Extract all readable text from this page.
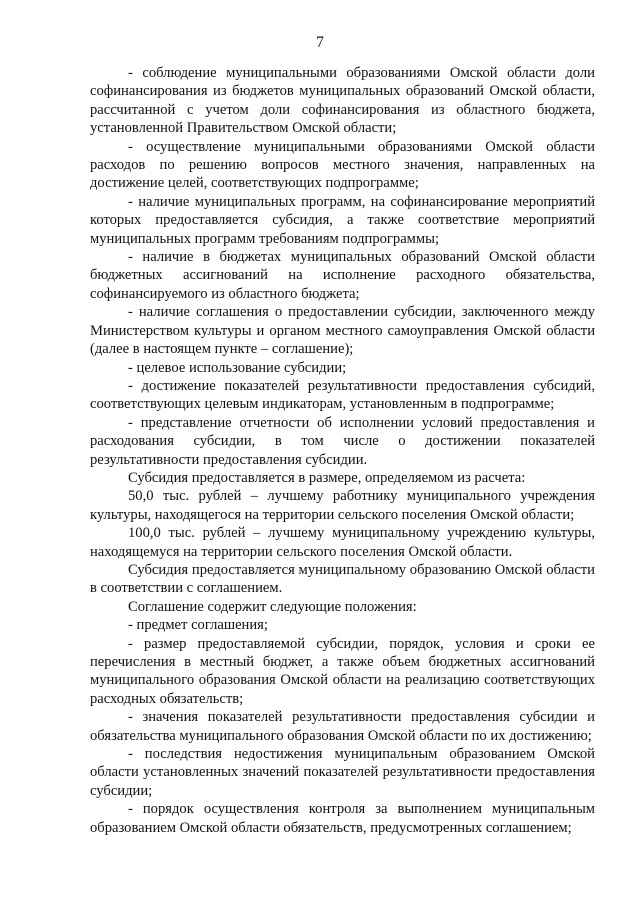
7

- соблюдение муниципальными образованиями Омской области доли софинансирования из бюджетов муниципальных образований Омской области, рассчитанной с учетом доли софинансирования из областного бюджета, установленной Правительством Омской области;

- осуществление муниципальными образованиями Омской области расходов по решению вопросов местного значения, направленных на достижение целей, соответствующих подпрограмме;

- наличие муниципальных программ, на софинансирование мероприятий которых предоставляется субсидия, а также соответствие мероприятий муниципальных программ требованиям подпрограммы;

- наличие в бюджетах муниципальных образований Омской области бюджетных ассигнований на исполнение расходного обязательства, софинансируемого из областного бюджета;

- наличие соглашения о предоставлении субсидии, заключенного между Министерством культуры и органом местного самоуправления Омской области (далее в настоящем пункте – соглашение);

- целевое использование субсидии;

- достижение показателей результативности предоставления субсидий, соответствующих целевым индикаторам, установленным в подпрограмме;

- представление отчетности об исполнении условий предоставления и расходования субсидии, в том числе о достижении показателей результативности предоставления субсидии.

Субсидия предоставляется в размере, определяемом из расчета:

50,0 тыс. рублей – лучшему работнику муниципального учреждения культуры, находящегося на территории сельского поселения Омской области;

100,0 тыс. рублей – лучшему муниципальному учреждению культуры, находящемуся на территории сельского поселения Омской области.

Субсидия предоставляется муниципальному образованию Омской области в соответствии с соглашением.

Соглашение содержит следующие положения:

- предмет соглашения;

- размер предоставляемой субсидии, порядок, условия и сроки ее перечисления в местный бюджет, а также объем бюджетных ассигнований муниципального образования Омской области на реализацию соответствующих расходных обязательств;

- значения показателей результативности предоставления субсидии и обязательства муниципального образования Омской области по их достижению;

- последствия недостижения муниципальным образованием Омской области установленных значений показателей результативности предоставления субсидии;

- порядок осуществления контроля за выполнением муниципальным образованием Омской области обязательств, предусмотренных соглашением;
